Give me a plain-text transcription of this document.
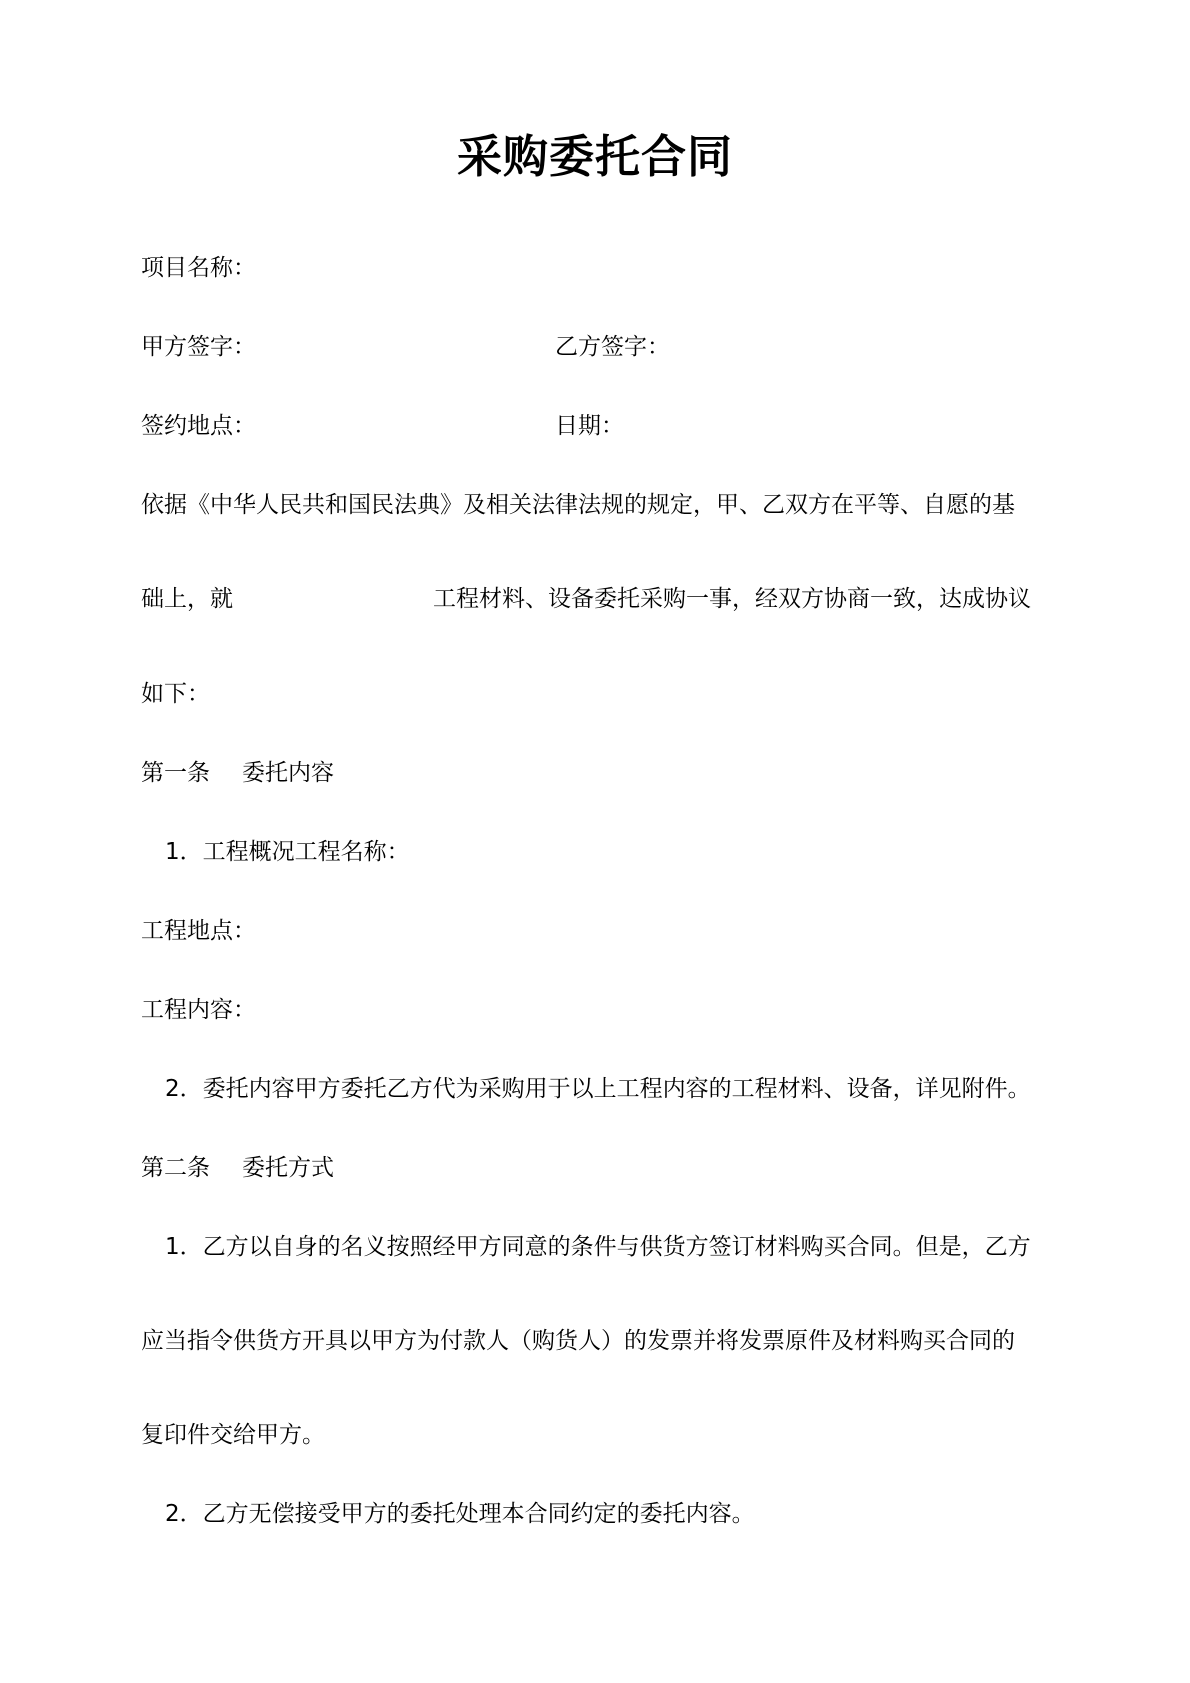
采购委托合同
项目名称：
甲方签字：	乙方签字：
签约地点：	日期：
依据《中华人民共和国民法典》及相关法律法规的规定，甲、乙双方在平等、自愿的基
础上，就	工程材料、设备委托采购一事，经双方协商一致，达成协议
如下：
第一条 委托内容
1．工程概况工程名称：
工程地点：
工程内容：
2．委托内容甲方委托乙方代为采购用于以上工程内容的工程材料、设备，详见附件。
第二条 委托方式
1．乙方以自身的名义按照经甲方同意的条件与供货方签订材料购买合同。但是，乙方
应当指令供货方开具以甲方为付款人（购货人）的发票并将发票原件及材料购买合同的
复印件交给甲方。
2．乙方无偿接受甲方的委托处理本合同约定的委托内容。
